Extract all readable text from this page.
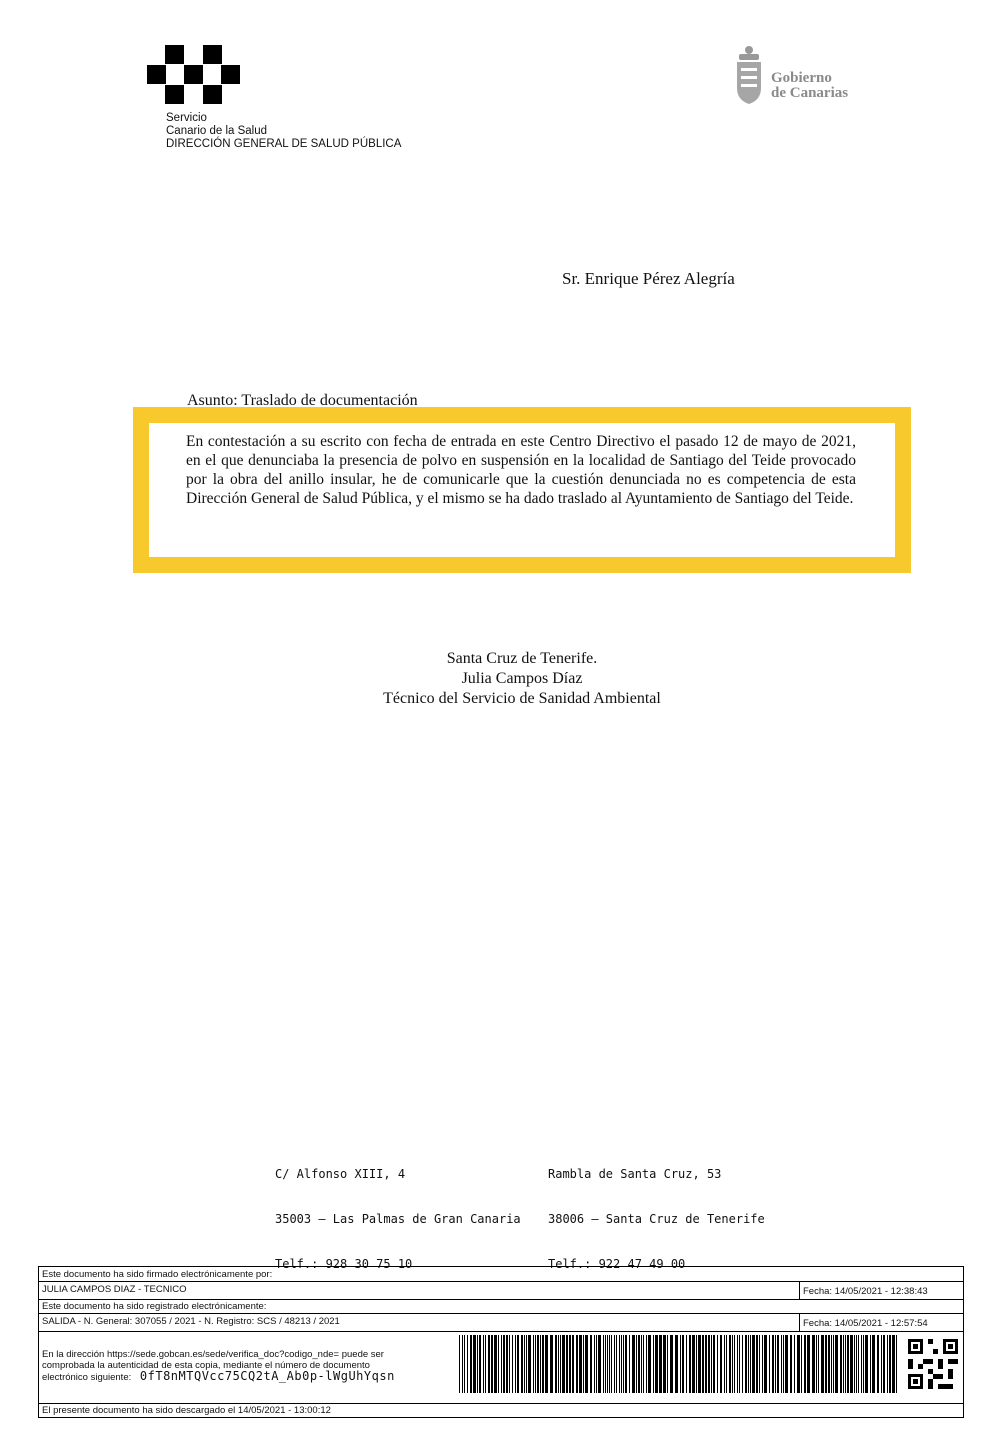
Servicio
Canario de la Salud
DIRECCIÓN GENERAL DE SALUD PÚBLICA
Gobierno
de Canarias
Sr. Enrique Pérez Alegría
Asunto: Traslado de documentación
En contestación a su escrito con fecha de entrada en este Centro Directivo el pasado 12 de mayo de 2021, en el que denunciaba la presencia de polvo en suspensión en la localidad de Santiago del Teide provocado por la obra del anillo insular, he de comunicarle que la cuestión denunciada no es competencia de esta Dirección General de Salud Pública, y el mismo se ha dado traslado al Ayuntamiento de Santiago del Teide.
Santa Cruz de Tenerife.
Julia Campos Díaz
Técnico del Servicio de Sanidad Ambiental

C/ Alfonso XIII, 4

35003 – Las Palmas de Gran Canaria

Telf.: 928 30 75 10

Rambla de Santa Cruz, 53

38006 – Santa Cruz de Tenerife

Telf.: 922 47 49 00

Este documento ha sido firmado electrónicamente por:
JULIA CAMPOS DIAZ - TECNICO	Fecha: 14/05/2021 - 12:38:43
Este documento ha sido registrado electrónicamente:
SALIDA - N. General: 307055 / 2021 - N. Registro: SCS / 48213 / 2021	Fecha: 14/05/2021 - 12:57:54
En la dirección https://sede.gobcan.es/sede/verifica_doc?codigo_nde= puede ser
comprobada la autenticidad de esta copia, mediante el número de documento
electrónico siguiente: 0fT8nMTQVcc75CQ2tA_Ab0p-lWgUhYqsn
El presente documento ha sido descargado el 14/05/2021 - 13:00:12
